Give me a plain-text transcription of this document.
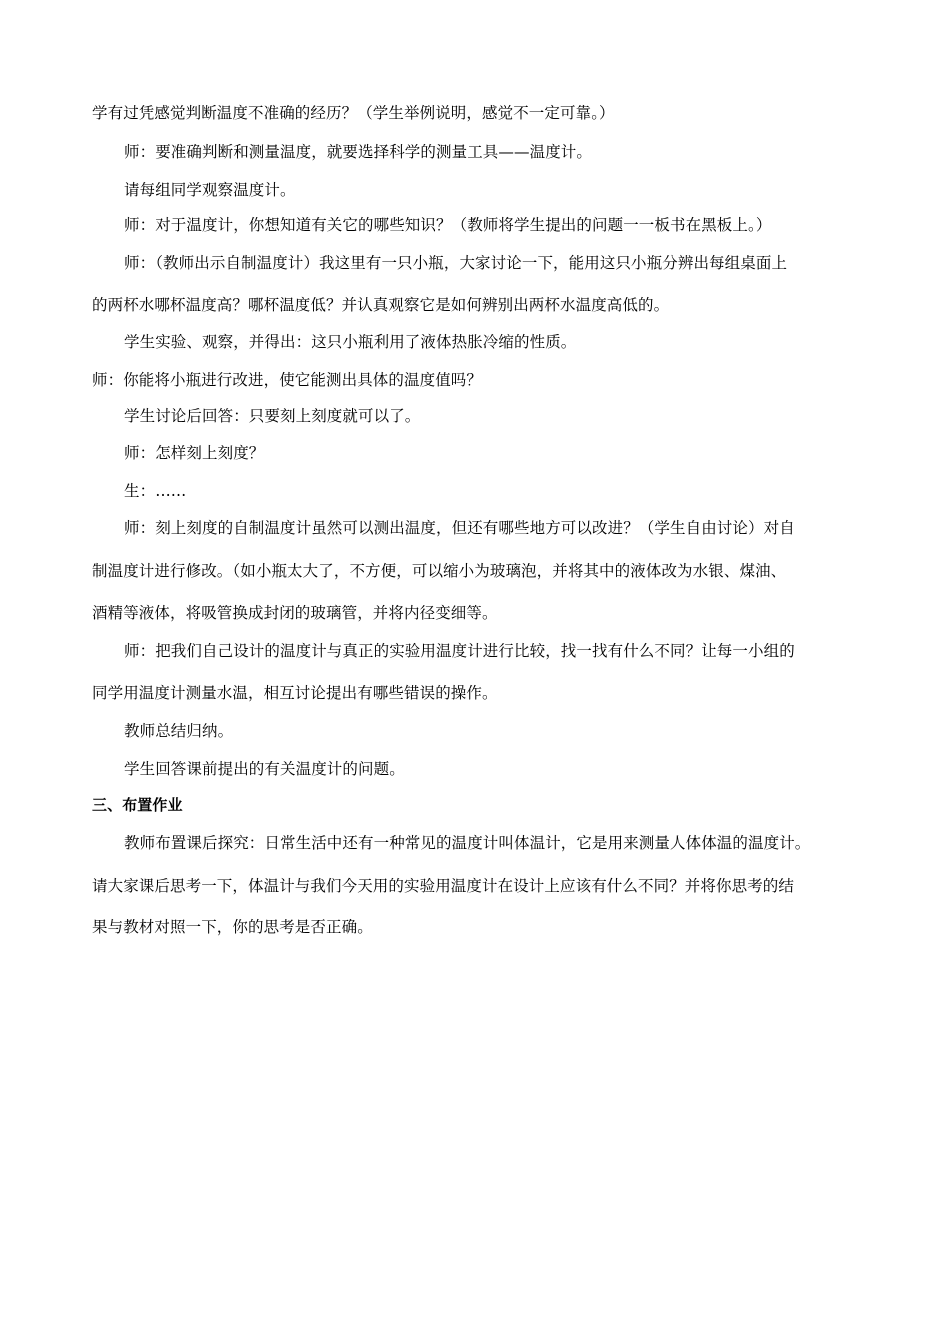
学有过凭感觉判断温度不准确的经历？（学生举例说明，感觉不一定可靠。）
师：要准确判断和测量温度，就要选择科学的测量工具——温度计。
请每组同学观察温度计。
师：对于温度计，你想知道有关它的哪些知识？（教师将学生提出的问题一一板书在黑板上。）
师：（教师出示自制温度计）我这里有一只小瓶，大家讨论一下，能用这只小瓶分辨出每组桌面上
的两杯水哪杯温度高？哪杯温度低？并认真观察它是如何辨别出两杯水温度高低的。
学生实验、观察，并得出：这只小瓶利用了液体热胀冷缩的性质。
师：你能将小瓶进行改进，使它能测出具体的温度值吗？
学生讨论后回答：只要刻上刻度就可以了。
师：怎样刻上刻度？
生：……
师：刻上刻度的自制温度计虽然可以测出温度，但还有哪些地方可以改进？（学生自由讨论）对自
制温度计进行修改。（如小瓶太大了，不方便，可以缩小为玻璃泡，并将其中的液体改为水银、煤油、
酒精等液体，将吸管换成封闭的玻璃管，并将内径变细等。
师：把我们自己设计的温度计与真正的实验用温度计进行比较，找一找有什么不同？让每一小组的
同学用温度计测量水温，相互讨论提出有哪些错误的操作。
教师总结归纳。
学生回答课前提出的有关温度计的问题。
三、布置作业
教师布置课后探究：日常生活中还有一种常见的温度计叫体温计，它是用来测量人体体温的温度计。
请大家课后思考一下，体温计与我们今天用的实验用温度计在设计上应该有什么不同？并将你思考的结
果与教材对照一下，你的思考是否正确。
